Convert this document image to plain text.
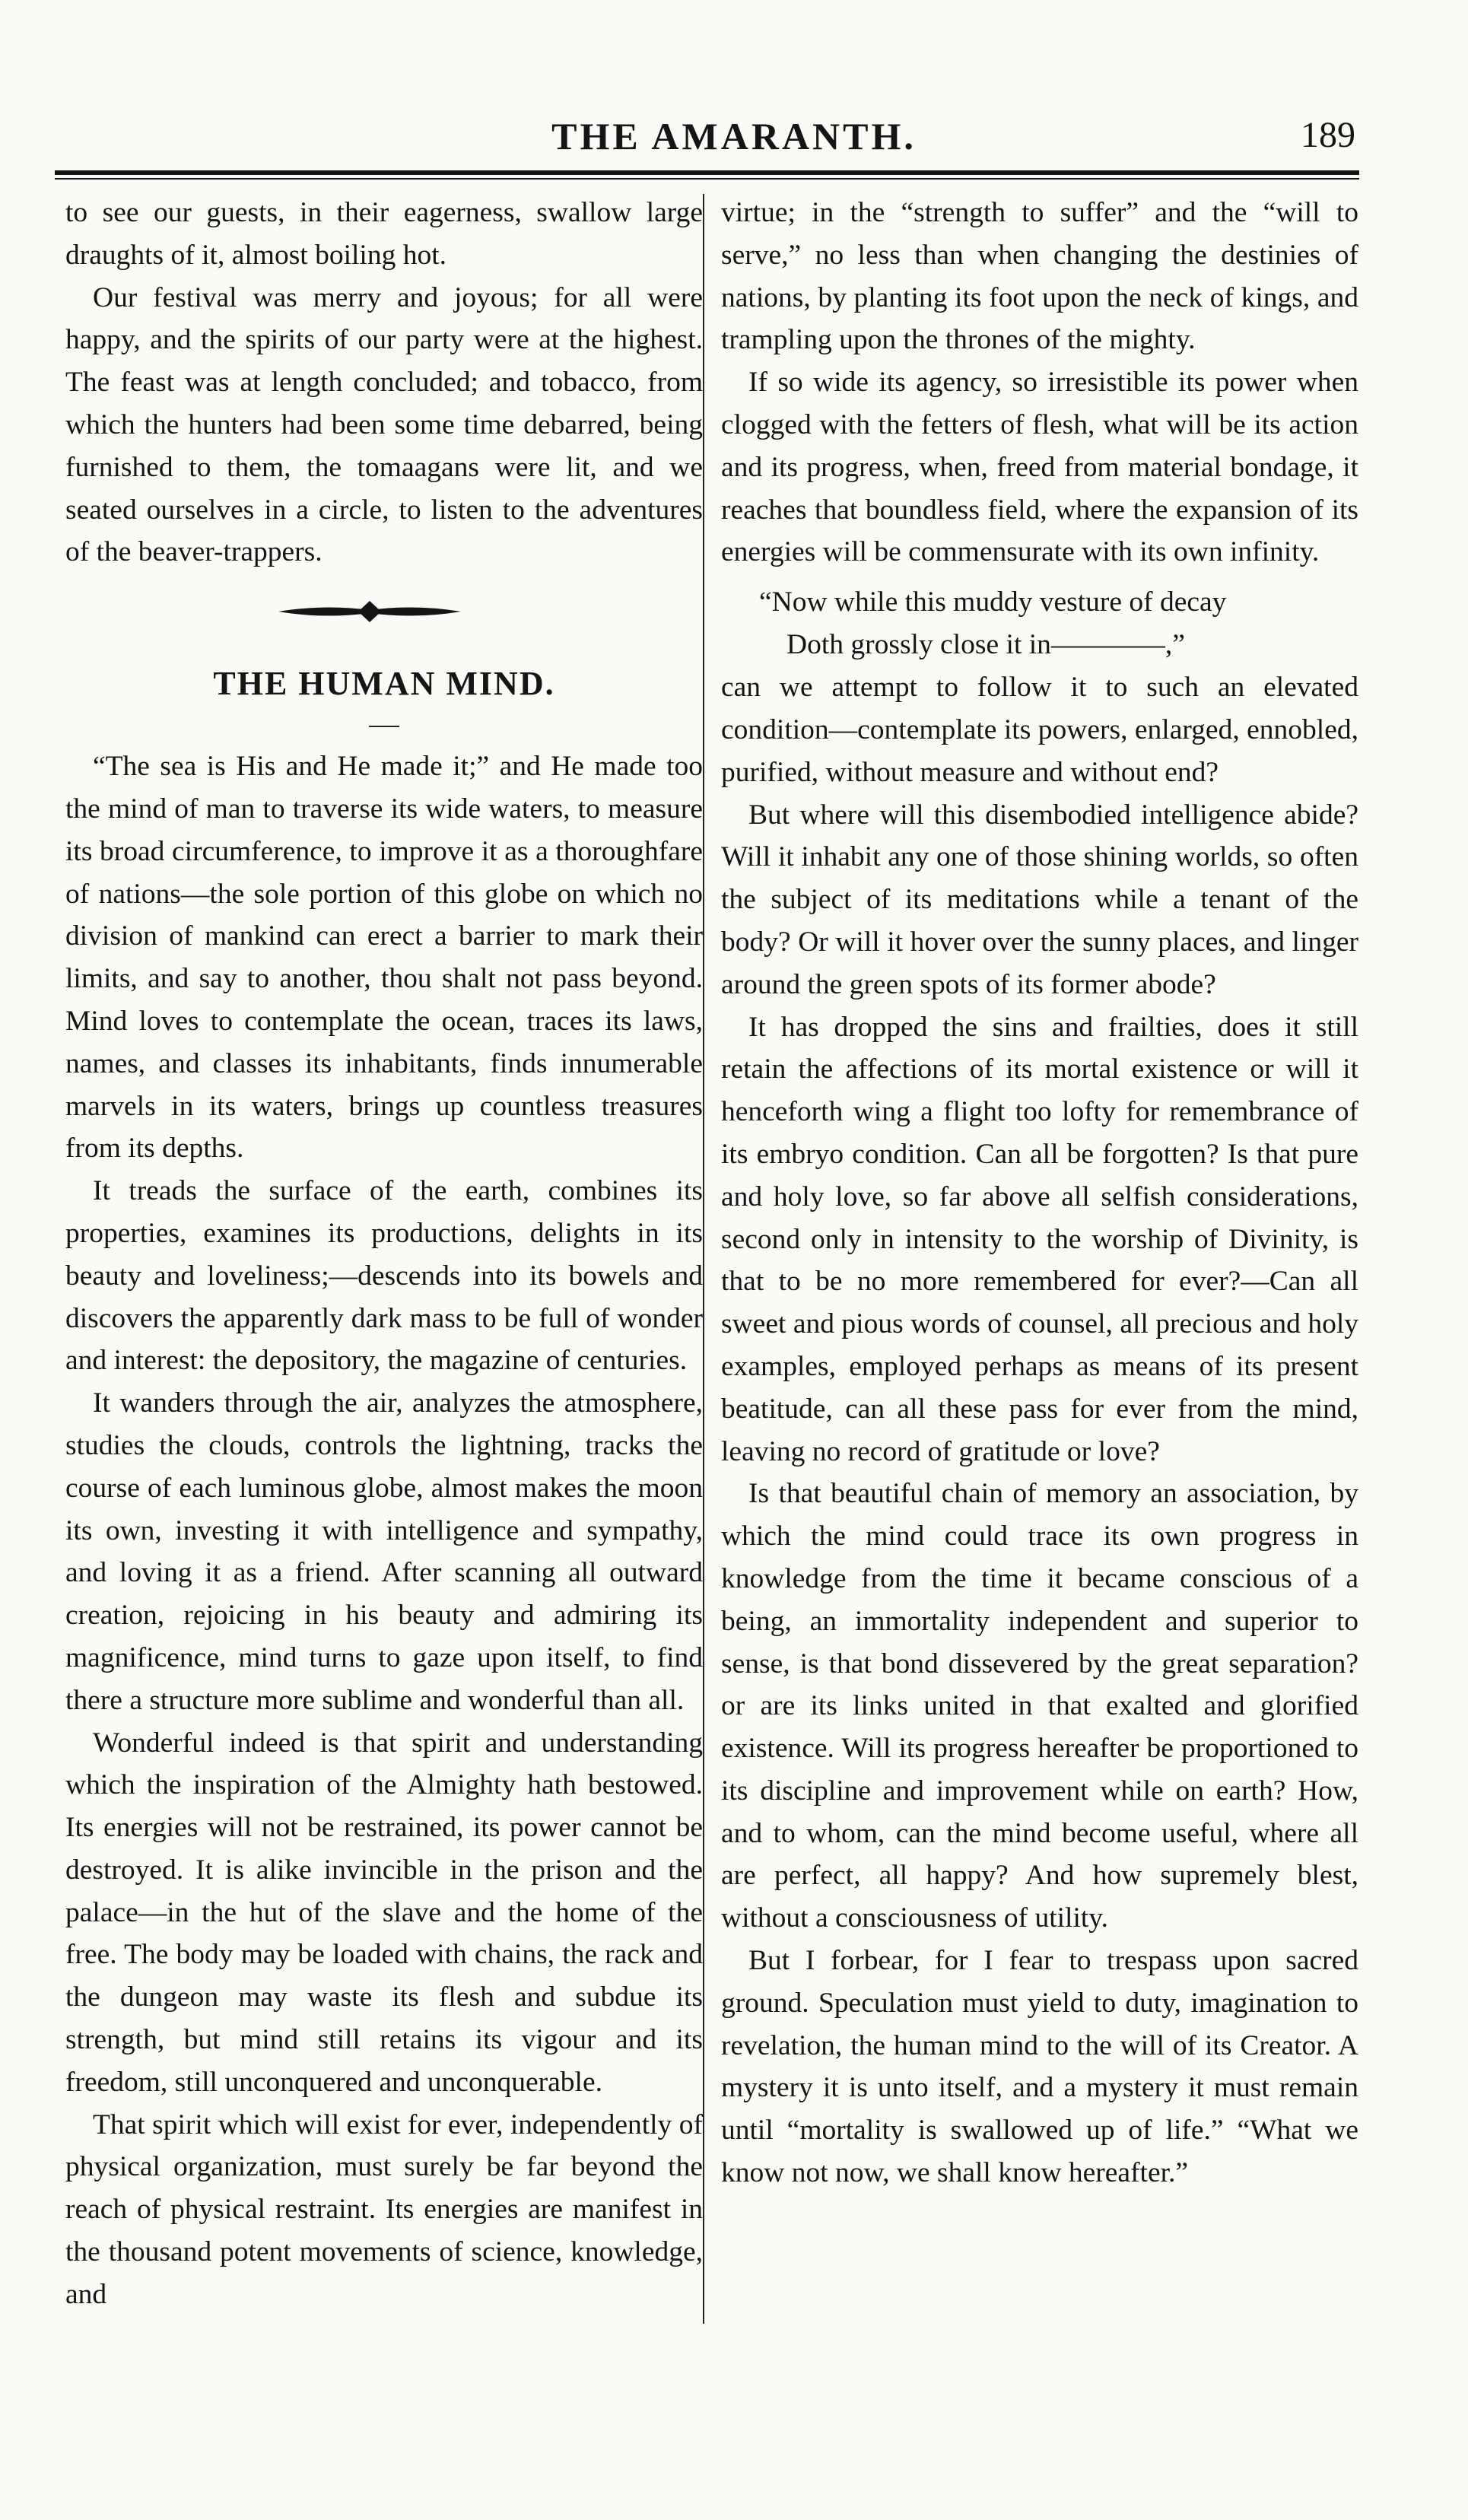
THE AMARANTH.	189

to see our guests, in their eagerness, swallow large draughts of it, almost boiling hot.

Our festival was merry and joyous; for all were happy, and the spirits of our party were at the highest. The feast was at length concluded; and tobacco, from which the hunters had been some time debarred, being furnished to them, the tomaagans were lit, and we seated ourselves in a circle, to listen to the adventures of the beaver-trappers.

THE HUMAN MIND.

“The sea is His and He made it;” and He made too the mind of man to traverse its wide waters, to measure its broad circumference, to improve it as a thoroughfare of nations—the sole portion of this globe on which no division of mankind can erect a barrier to mark their limits, and say to another, thou shalt not pass beyond. Mind loves to contemplate the ocean, traces its laws, names, and classes its inhabitants, finds innumerable marvels in its waters, brings up countless treasures from its depths.

It treads the surface of the earth, combines its properties, examines its productions, delights in its beauty and loveliness;—descends into its bowels and discovers the apparently dark mass to be full of wonder and interest: the depository, the magazine of centuries.

It wanders through the air, analyzes the atmosphere, studies the clouds, controls the lightning, tracks the course of each luminous globe, almost makes the moon its own, investing it with intelligence and sympathy, and loving it as a friend. After scanning all outward creation, rejoicing in his beauty and admiring its magnificence, mind turns to gaze upon itself, to find there a structure more sublime and wonderful than all.

Wonderful indeed is that spirit and understanding which the inspiration of the Almighty hath bestowed. Its energies will not be restrained, its power cannot be destroyed. It is alike invincible in the prison and the palace—in the hut of the slave and the home of the free. The body may be loaded with chains, the rack and the dungeon may waste its flesh and subdue its strength, but mind still retains its vigour and its freedom, still unconquered and unconquerable.

That spirit which will exist for ever, independently of physical organization, must surely be far beyond the reach of physical restraint. Its energies are manifest in the thousand potent movements of science, knowledge, and

virtue; in the “strength to suffer” and the “will to serve,” no less than when changing the destinies of nations, by planting its foot upon the neck of kings, and trampling upon the thrones of the mighty.

If so wide its agency, so irresistible its power when clogged with the fetters of flesh, what will be its action and its progress, when, freed from material bondage, it reaches that boundless field, where the expansion of its energies will be commensurate with its own infinity.

“Now while this muddy vesture of decay

Doth grossly close it in————,”

can we attempt to follow it to such an elevated condition—contemplate its powers, enlarged, ennobled, purified, without measure and without end?

But where will this disembodied intelligence abide? Will it inhabit any one of those shining worlds, so often the subject of its meditations while a tenant of the body? Or will it hover over the sunny places, and linger around the green spots of its former abode?

It has dropped the sins and frailties, does it still retain the affections of its mortal existence or will it henceforth wing a flight too lofty for remembrance of its embryo condition. Can all be forgotten? Is that pure and holy love, so far above all selfish considerations, second only in intensity to the worship of Divinity, is that to be no more remembered for ever?—Can all sweet and pious words of counsel, all precious and holy examples, employed perhaps as means of its present beatitude, can all these pass for ever from the mind, leaving no record of gratitude or love?

Is that beautiful chain of memory an association, by which the mind could trace its own progress in knowledge from the time it became conscious of a being, an immortality independent and superior to sense, is that bond dissevered by the great separation? or are its links united in that exalted and glorified existence. Will its progress hereafter be proportioned to its discipline and improvement while on earth? How, and to whom, can the mind become useful, where all are perfect, all happy? And how supremely blest, without a consciousness of utility.

But I forbear, for I fear to trespass upon sacred ground. Speculation must yield to duty, imagination to revelation, the human mind to the will of its Creator. A mystery it is unto itself, and a mystery it must remain until “mortality is swallowed up of life.” “What we know not now, we shall know hereafter.”
